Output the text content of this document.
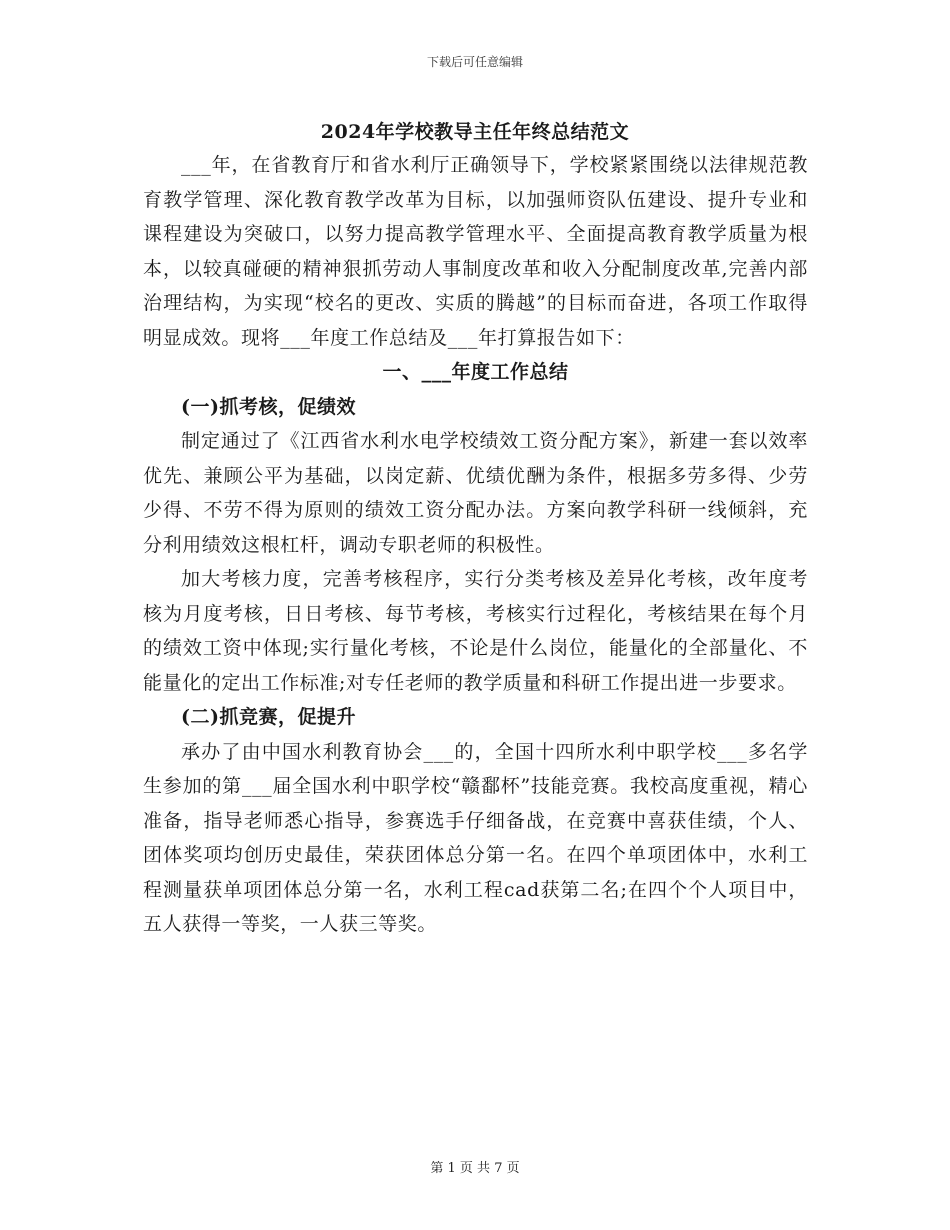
下载后可任意编辑
2024年学校教导主任年终总结范文

___年，在省教育厅和省水利厅正确领导下，学校紧紧围绕以法律规范教育教学管理、深化教育教学改革为目标，以加强师资队伍建设、提升专业和课程建设为突破口，以努力提高教学管理水平、全面提高教育教学质量为根本，以较真碰硬的精神狠抓劳动人事制度改革和收入分配制度改革,完善内部治理结构，为实现“校名的更改、实质的腾越”的目标而奋进，各项工作取得明显成效。现将___年度工作总结及___年打算报告如下：

一、___年度工作总结

(一)抓考核，促绩效

制定通过了《江西省水利水电学校绩效工资分配方案》，新建一套以效率优先、兼顾公平为基础，以岗定薪、优绩优酬为条件，根据多劳多得、少劳少得、不劳不得为原则的绩效工资分配办法。方案向教学科研一线倾斜，充分利用绩效这根杠杆，调动专职老师的积极性。

加大考核力度，完善考核程序，实行分类考核及差异化考核，改年度考核为月度考核，日日考核、每节考核，考核实行过程化，考核结果在每个月的绩效工资中体现;实行量化考核，不论是什么岗位，能量化的全部量化、不能量化的定出工作标准;对专任老师的教学质量和科研工作提出进一步要求。

(二)抓竞赛，促提升

承办了由中国水利教育协会___的，全国十四所水利中职学校___多名学生参加的第___届全国水利中职学校“赣鄱杯”技能竞赛。我校高度重视，精心准备，指导老师悉心指导，参赛选手仔细备战，在竞赛中喜获佳绩，个人、团体奖项均创历史最佳，荣获团体总分第一名。在四个单项团体中，水利工程测量获单项团体总分第一名，水利工程cad获第二名;在四个个人项目中，五人获得一等奖，一人获三等奖。

第 1 页 共 7 页
